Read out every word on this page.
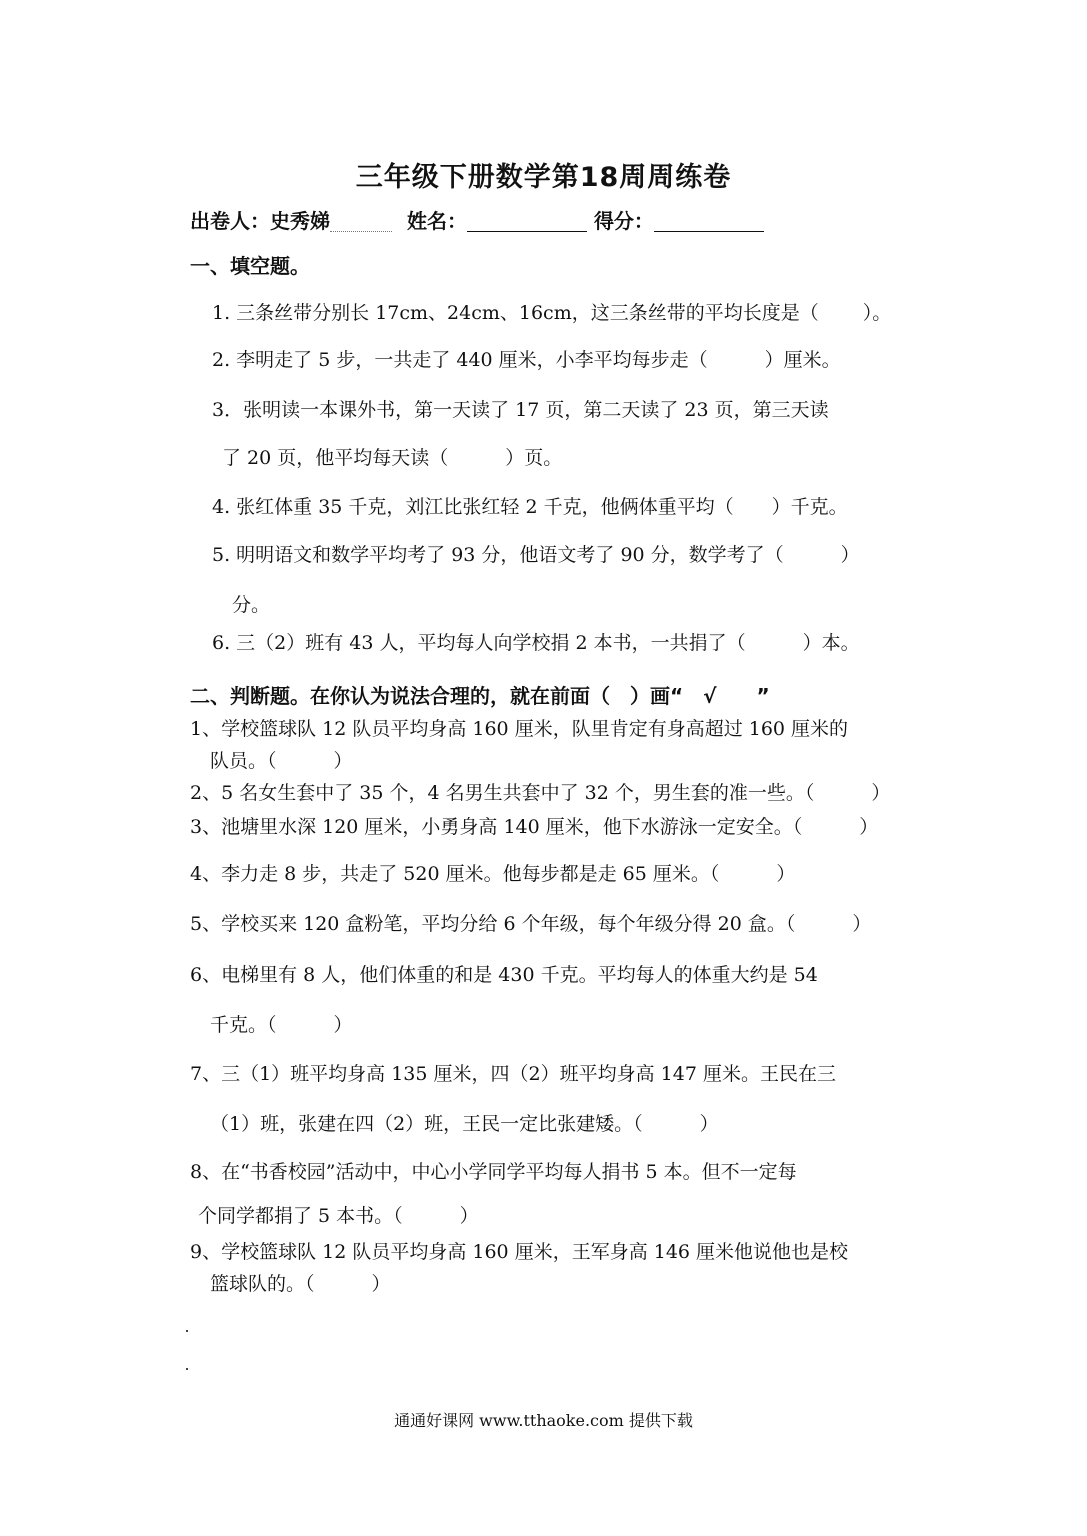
三年级下册数学第18周周练卷
出卷人：史秀娣	姓名：	得分：
一、填空题。
1. 三条丝带分别长 17cm、24cm、16cm，这三条丝带的平均长度是（　　 ）。
2. 李明走了 5 步，一共走了 440 厘米，小李平均每步走（　　　）厘米。
3．张明读一本课外书，第一天读了 17 页，第二天读了 23 页，第三天读
了 20 页，他平均每天读（　　　）页。
4. 张红体重 35 千克，刘江比张红轻 2 千克，他俩体重平均（　　）千克。
5. 明明语文和数学平均考了 93 分，他语文考了 90 分，数学考了（　　　）
分。
6. 三（2）班有 43 人，平均每人向学校捐 2 本书，一共捐了（　　　）本。
二、判断题。在你认为说法合理的，就在前面（　）画“　√　　”
1、学校篮球队 12 队员平均身高 160 厘米，队里肯定有身高超过 160 厘米的
队员。（　　　）
2、5 名女生套中了 35 个，4 名男生共套中了 32 个，男生套的准一些。（　　　）
3、池塘里水深 120 厘米，小勇身高 140 厘米，他下水游泳一定安全。（　　　）
4、李力走 8 步，共走了 520 厘米。他每步都是走 65 厘米。（　　　）
5、学校买来 120 盒粉笔，平均分给 6 个年级，每个年级分得 20 盒。（　　　）
6、电梯里有 8 人，他们体重的和是 430 千克。平均每人的体重大约是 54
千克。（　　　）
7、三（1）班平均身高 135 厘米，四（2）班平均身高 147 厘米。王民在三
（1）班，张建在四（2）班，王民一定比张建矮。（　　　）
8、在“书香校园”活动中，中心小学同学平均每人捐书 5 本。但不一定每
个同学都捐了 5 本书。（　　　）
9、学校篮球队 12 队员平均身高 160 厘米，王军身高 146 厘米他说他也是校
篮球队的。（　　　）
通通好课网 www.tthaoke.com 提供下载
